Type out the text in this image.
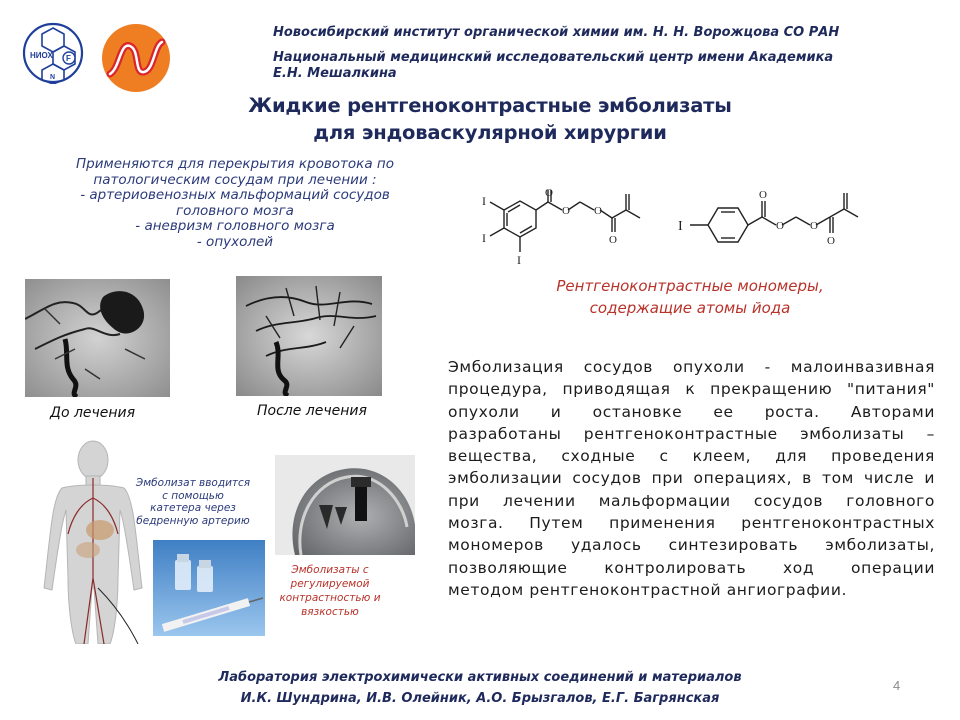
НИОХ F
N
Новосибирский институт органической химии им. Н. Н. Ворожцова СО РАН
Национальный медицинский исследовательский центр имени Академика
Е.Н. Мешалкина
Жидкие рентгеноконтрастные эмболизаты
для эндоваскулярной хирургии
Применяются для перекрытия кровотока по
патологическим сосудам при лечении :
- артериовенозных мальформаций сосудов
головного мозга
- аневризм головного мозга
- опухолей
До лечения	После лечения
I
I
I
O
O O
O
I
O
O O
O
Рентгеноконтрастные мономеры,
содержащие атомы йода
Эмболизат вводится
с помощью
катетера через
бедренную артерию
Эмболизаты с
регулируемой
контрастностью и
вязкостью
Эмболизация сосудов опухоли - малоинвазивная
процедура, приводящая к прекращению "питания"
опухоли и остановке ее роста. Авторами
разработаны рентгеноконтрастные эмболизаты –
вещества, сходные с клеем, для проведения
эмболизации сосудов при операциях, в том числе и
при лечении мальформации сосудов головного
мозга. Путем применения рентгеноконтрастных
мономеров удалось синтезировать эмболизаты,
позволяющие контролировать ход операции
методом рентгеноконтрастной ангиографии.
Лаборатория электрохимически активных соединений и материалов
И.К. Шундрина, И.В. Олейник, А.О. Брызгалов, Е.Г. Багрянская
4
